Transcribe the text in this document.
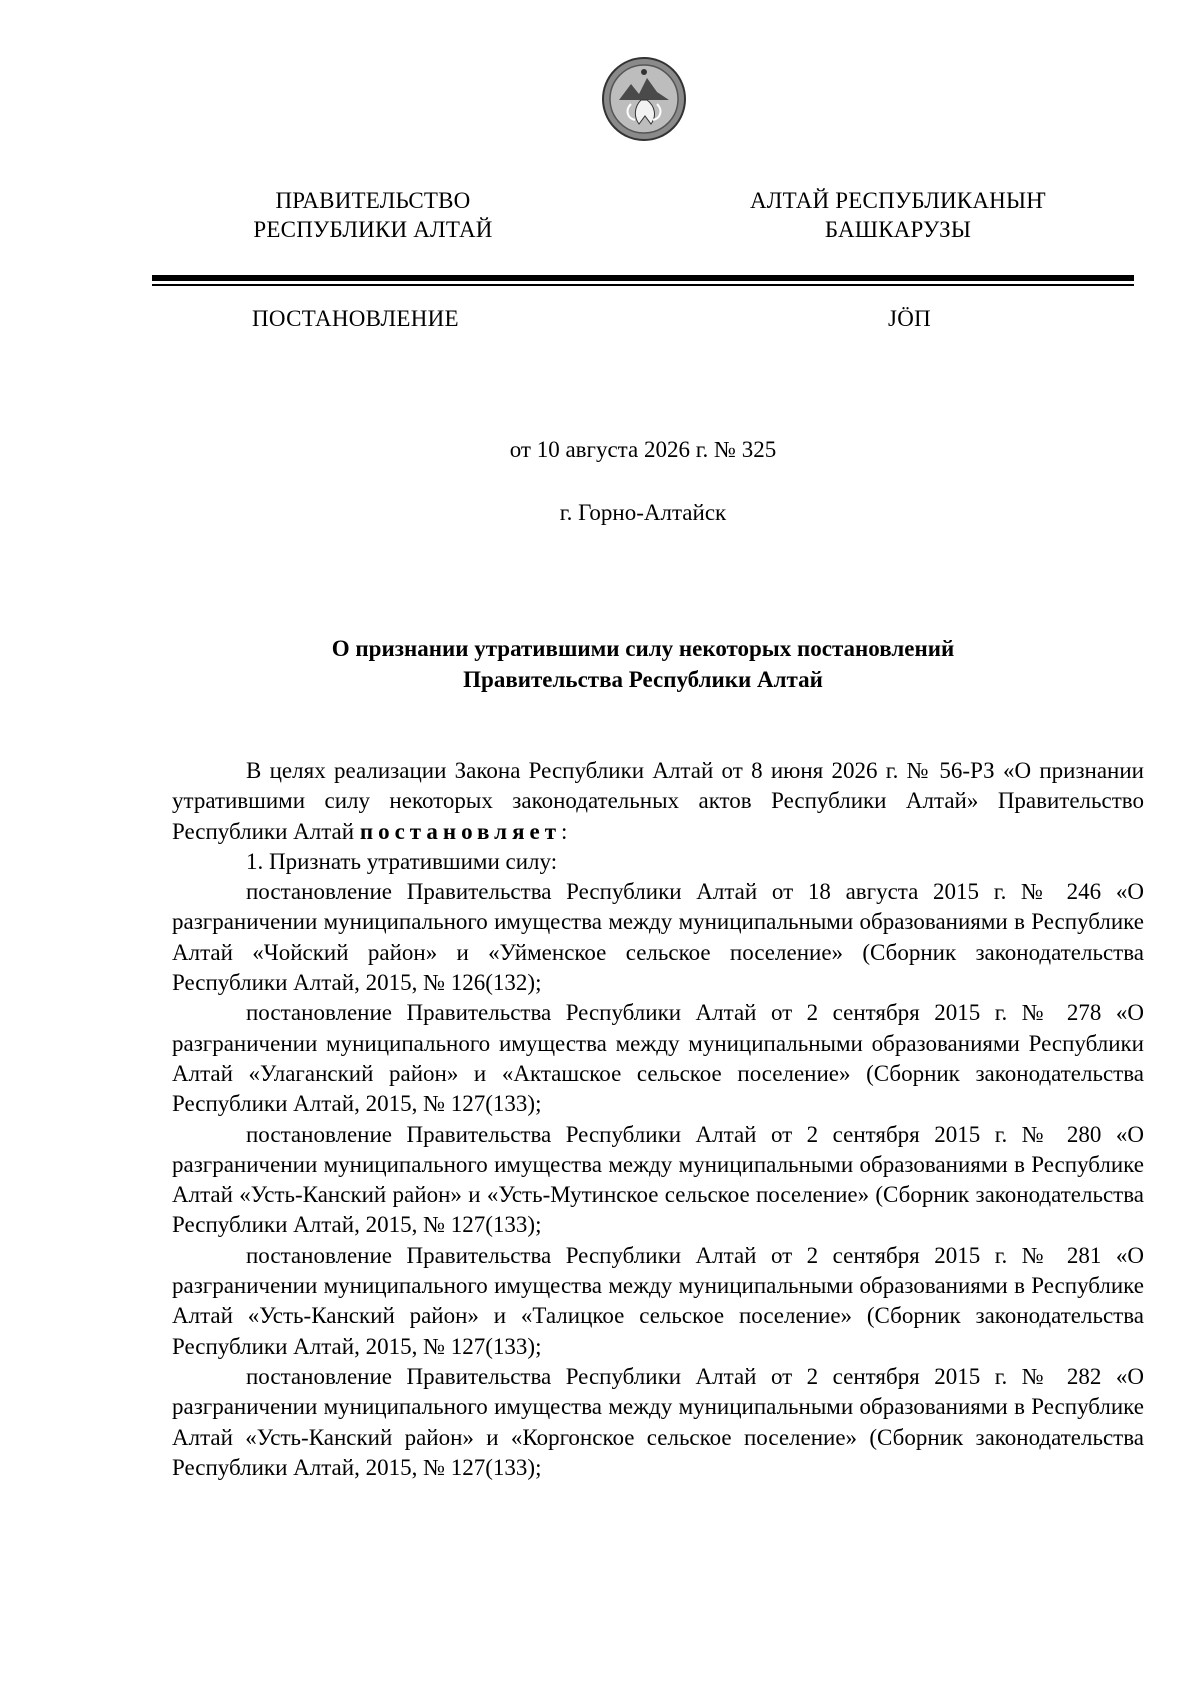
ПРАВИТЕЛЬСТВО
РЕСПУБЛИКИ АЛТАЙ
АЛТАЙ РЕСПУБЛИКАНЫҤ
БАШКАРУЗЫ
ПОСТАНОВЛЕНИЕ	ЈӦП
от 10 августа 2026 г. № 325
г. Горно-Алтайск
О признании утратившими силу некоторых постановлений
Правительства Республики Алтай

В целях реализации Закона Республики Алтай от 8 июня 2026 г. № 56-РЗ «О признании утратившими силу некоторых законодательных актов Республики Алтай» Правительство Республики Алтай постановляет:

1. Признать утратившими силу:

постановление Правительства Республики Алтай от 18 августа 2015 г. № 246 «О разграничении муниципального имущества между муниципальными образованиями в Республике Алтай «Чойский район» и «Уйменское сельское поселение» (Сборник законодательства Республики Алтай, 2015, № 126(132);

постановление Правительства Республики Алтай от 2 сентября 2015 г. № 278 «О разграничении муниципального имущества между муниципальными образованиями Республики Алтай «Улаганский район» и «Акташское сельское поселение» (Сборник законодательства Республики Алтай, 2015, № 127(133);

постановление Правительства Республики Алтай от 2 сентября 2015 г. № 280 «О разграничении муниципального имущества между муниципальными образованиями в Республике Алтай «Усть-Канский район» и «Усть-Мутинское сельское поселение» (Сборник законодательства Республики Алтай, 2015, № 127(133);

постановление Правительства Республики Алтай от 2 сентября 2015 г. № 281 «О разграничении муниципального имущества между муниципальными образованиями в Республике Алтай «Усть-Канский район» и «Талицкое сельское поселение» (Сборник законодательства Республики Алтай, 2015, № 127(133);

постановление Правительства Республики Алтай от 2 сентября 2015 г. № 282 «О разграничении муниципального имущества между муниципальными образованиями в Республике Алтай «Усть-Канский район» и «Коргонское сельское поселение» (Сборник законодательства Республики Алтай, 2015, № 127(133);
